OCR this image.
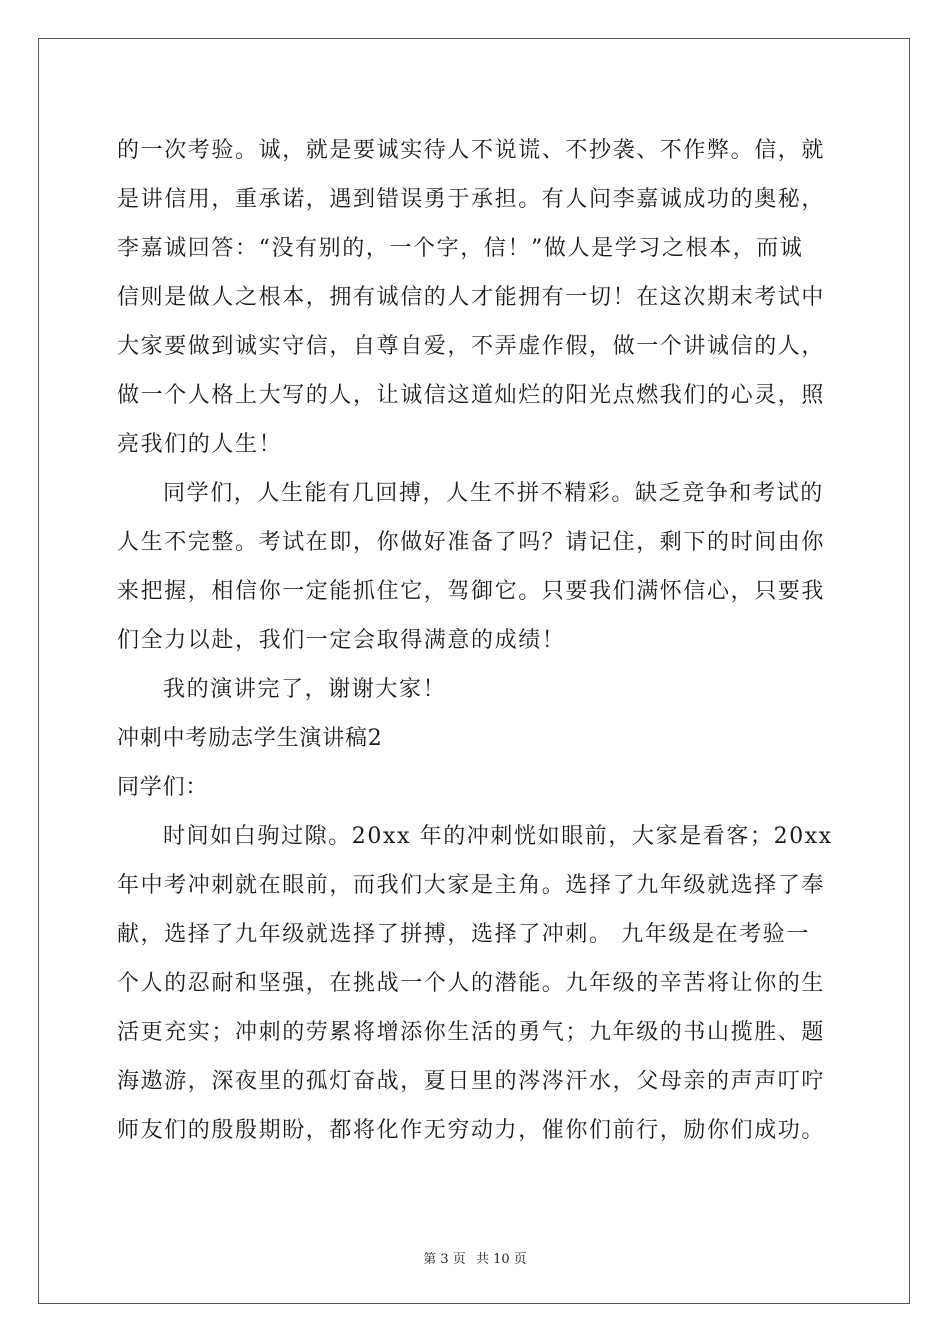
的一次考验。诚，就是要诚实待人不说谎、不抄袭、不作弊。信，就
是讲信用，重承诺，遇到错误勇于承担。有人问李嘉诚成功的奥秘，
李嘉诚回答：“没有别的，一个字，信！”做人是学习之根本，而诚
信则是做人之根本，拥有诚信的人才能拥有一切！在这次期末考试中
大家要做到诚实守信，自尊自爱，不弄虚作假，做一个讲诚信的人，
做一个人格上大写的人，让诚信这道灿烂的阳光点燃我们的心灵，照
亮我们的人生！
同学们，人生能有几回搏，人生不拼不精彩。缺乏竞争和考试的
人生不完整。考试在即，你做好准备了吗？请记住，剩下的时间由你
来把握，相信你一定能抓住它，驾御它。只要我们满怀信心，只要我
们全力以赴，我们一定会取得满意的成绩！
我的演讲完了，谢谢大家！
冲刺中考励志学生演讲稿2
同学们：
时间如白驹过隙。20xx 年的冲刺恍如眼前，大家是看客；20xx
年中考冲刺就在眼前，而我们大家是主角。选择了九年级就选择了奉
献，选择了九年级就选择了拼搏，选择了冲刺。 九年级是在考验一
个人的忍耐和坚强，在挑战一个人的潜能。九年级的辛苦将让你的生
活更充实；冲刺的劳累将增添你生活的勇气；九年级的书山揽胜、题
海遨游，深夜里的孤灯奋战，夏日里的涔涔汗水，父母亲的声声叮咛
师友们的殷殷期盼，都将化作无穷动力，催你们前行，励你们成功。
第 3 页 共 10 页
